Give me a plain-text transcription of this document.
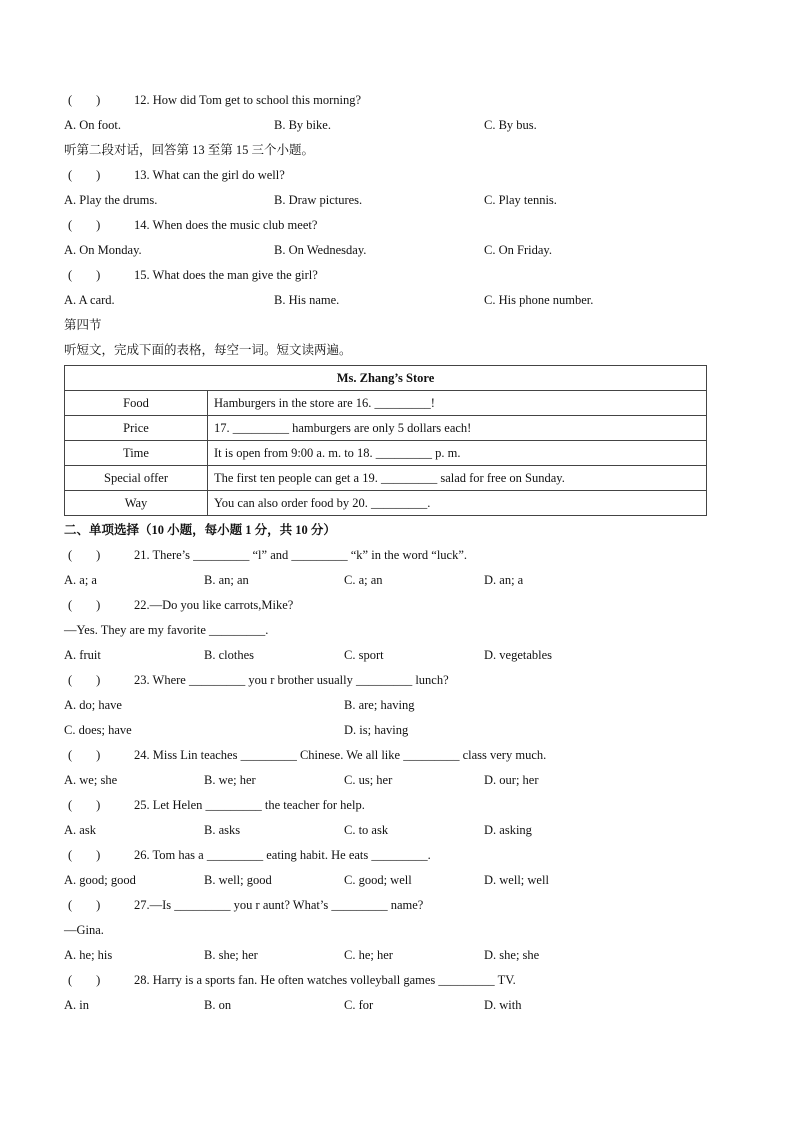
( )	12. How did Tom get to school this morning?
A. On foot.	B. By bike.	C. By bus.
听第二段对话，回答第 13 至第 15 三个小题。
( )	13. What can the girl do well?
A. Play the drums.	B. Draw pictures.	C. Play tennis.
( )	14. When does the music club meet?
A. On Monday.	B. On Wednesday.	C. On Friday.
( )	15. What does the man give the girl?
A. A card.	B. His name.	C. His phone number.
第四节
听短文，完成下面的表格，每空一词。短文读两遍。
Ms. Zhang’s Store	
Food	Hamburgers in the store are 16. _________!
Price	17. _________ hamburgers are only 5 dollars each!
Time	It is open from 9:00 a. m. to 18. _________ p. m.
Special offer	The first ten people can get a 19. _________ salad for free on Sunday.
Way	You can also order food by 20. _________.
二、单项选择（10 小题，每小题 1 分，共 10 分）
( )	21. There’s _________ “l” and _________ “k” in the word “luck”.
A. a; a	B. an; an	C. a; an	D. an; a
( )	22.—Do you like carrots,Mike?
—Yes. They are my favorite _________.
A. fruit	B. clothes	C. sport	D. vegetables
( )	23. Where _________ you r brother usually _________ lunch?
A. do; have	B. are; having
C. does; have	D. is; having
( )	24. Miss Lin teaches _________ Chinese. We all like _________ class very much.
A. we; she	B. we; her	C. us; her	D. our; her
( )	25. Let Helen _________ the teacher for help.
A. ask	B. asks	C. to ask	D. asking
( )	26. Tom has a _________ eating habit. He eats _________.
A. good; good	B. well; good	C. good; well	D. well; well
( )	27.—Is _________ you r aunt? What’s _________ name?
—Gina.
A. he; his	B. she; her	C. he; her	D. she; she
( )	28. Harry is a sports fan. He often watches volleyball games _________ TV.
A. in	B. on	C. for	D. with
